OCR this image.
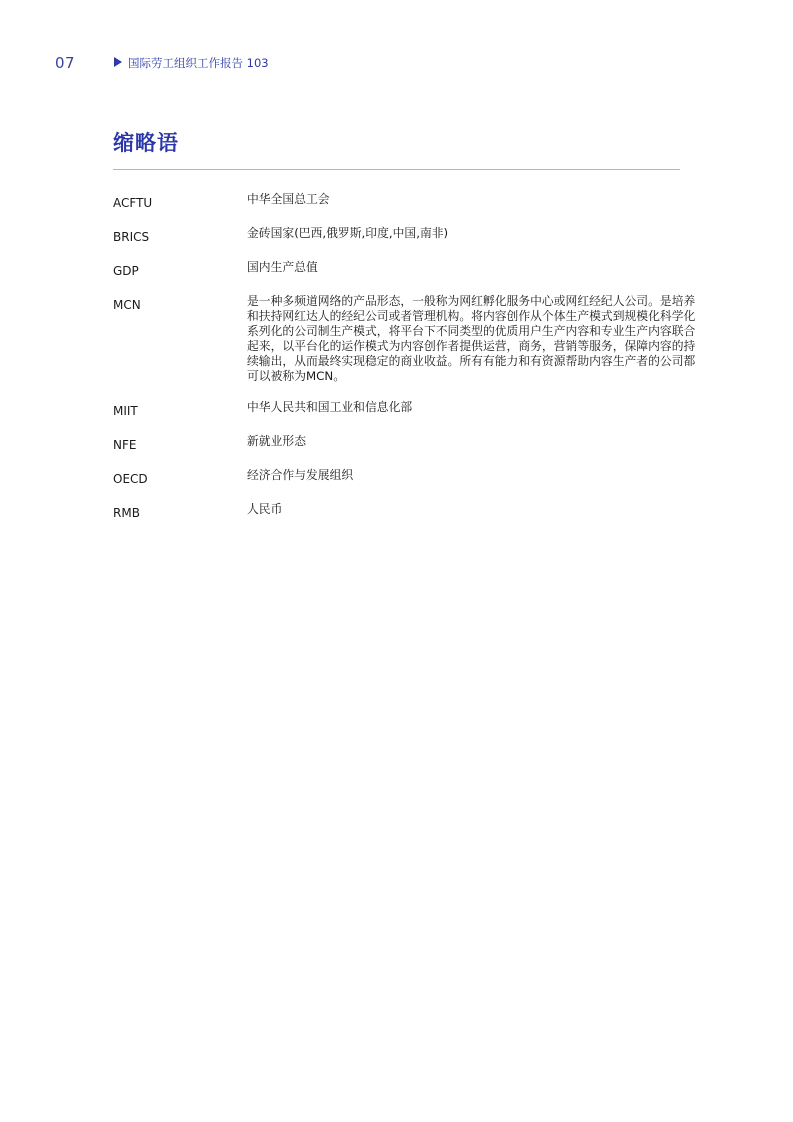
07	国际劳工组织工作报告 103
缩略语
ACFTU	中华全国总工会
BRICS	金砖国家(巴西,俄罗斯,印度,中国,南非)
GDP	国内生产总值
MCN	是一种多频道网络的产品形态，一般称为网红孵化服务中心或网红经纪人公司。是培养和扶持网红达人的经纪公司或者管理机构。将内容创作从个体生产模式到规模化科学化系列化的公司制生产模式，将平台下不同类型的优质用户生产内容和专业生产内容联合起来，以平台化的运作模式为内容创作者提供运营，商务，营销等服务，保障内容的持续输出，从而最终实现稳定的商业收益。所有有能力和有资源帮助内容生产者的公司都可以被称为MCN。
MIIT	中华人民共和国工业和信息化部
NFE	新就业形态
OECD	经济合作与发展组织
RMB	人民币
